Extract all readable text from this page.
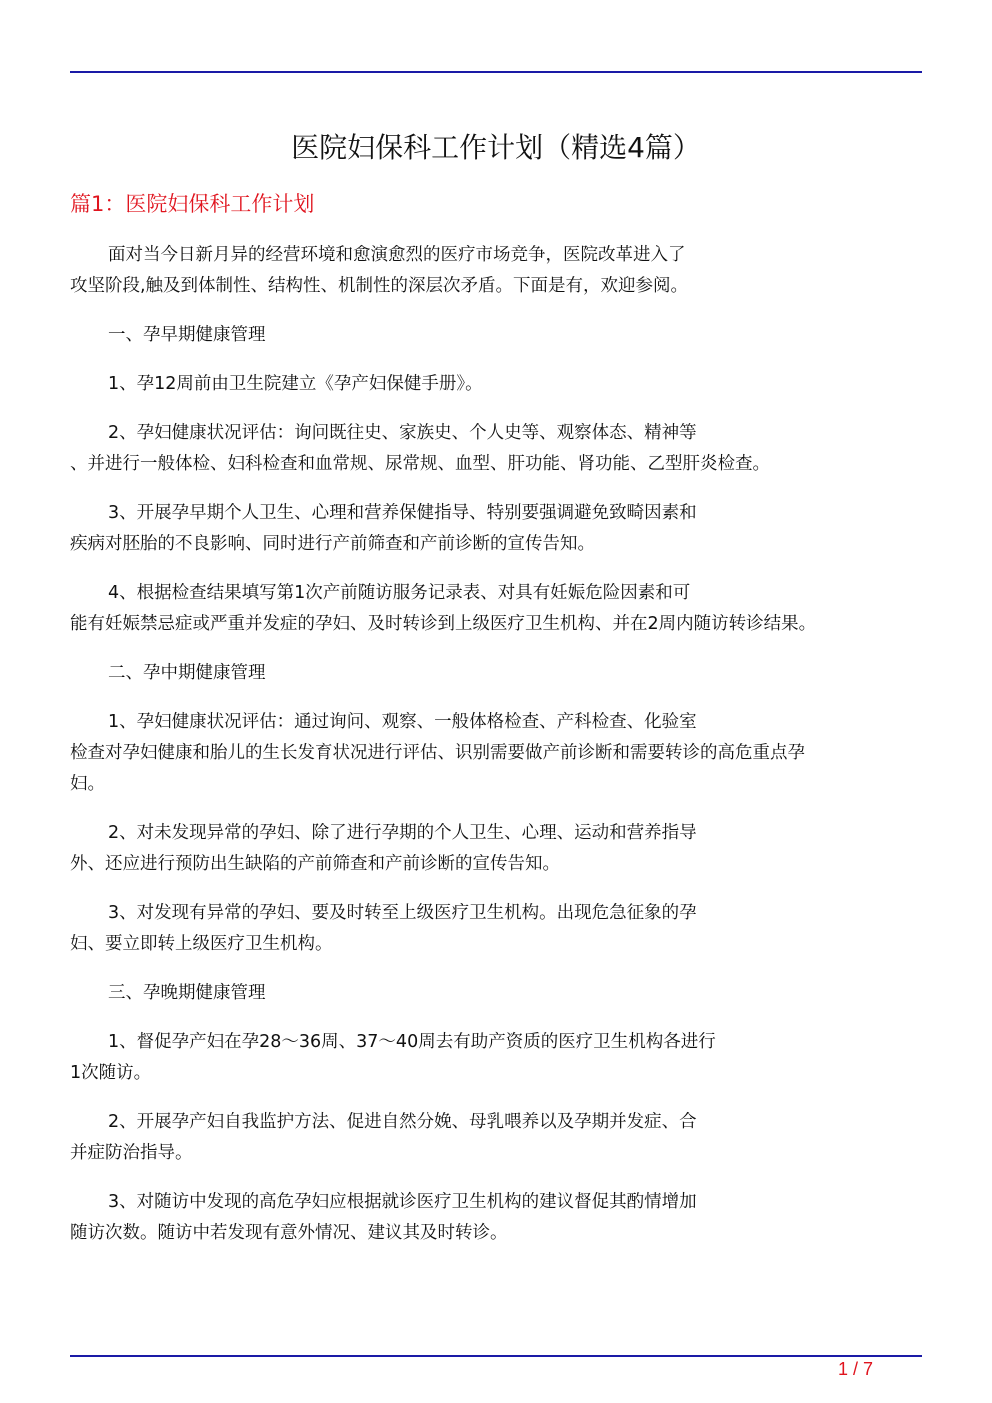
医院妇保科工作计划（精选4篇）
篇1：医院妇保科工作计划
面对当今日新月异的经营环境和愈演愈烈的医疗市场竞争，医院改革进入了
攻坚阶段,触及到体制性、结构性、机制性的深层次矛盾。下面是有，欢迎参阅。
一、孕早期健康管理
1、孕12周前由卫生院建立《孕产妇保健手册》。
2、孕妇健康状况评估：询问既往史、家族史、个人史等、观察体态、精神等
、并进行一般体检、妇科检查和血常规、尿常规、血型、肝功能、肾功能、乙型肝炎检查。
3、开展孕早期个人卫生、心理和营养保健指导、特别要强调避免致畸因素和
疾病对胚胎的不良影响、同时进行产前筛查和产前诊断的宣传告知。
4、根据检查结果填写第1次产前随访服务记录表、对具有妊娠危险因素和可
能有妊娠禁忌症或严重并发症的孕妇、及时转诊到上级医疗卫生机构、并在2周内随访转诊结果。
二、孕中期健康管理
1、孕妇健康状况评估：通过询问、观察、一般体格检查、产科检查、化验室
检查对孕妇健康和胎儿的生长发育状况进行评估、识别需要做产前诊断和需要转诊的高危重点孕
妇。
2、对未发现异常的孕妇、除了进行孕期的个人卫生、心理、运动和营养指导
外、还应进行预防出生缺陷的产前筛查和产前诊断的宣传告知。
3、对发现有异常的孕妇、要及时转至上级医疗卫生机构。出现危急征象的孕
妇、要立即转上级医疗卫生机构。
三、孕晚期健康管理
1、督促孕产妇在孕28～36周、37～40周去有助产资质的医疗卫生机构各进行
1次随访。
2、开展孕产妇自我监护方法、促进自然分娩、母乳喂养以及孕期并发症、合
并症防治指导。
3、对随访中发现的高危孕妇应根据就诊医疗卫生机构的建议督促其酌情增加
随访次数。随访中若发现有意外情况、建议其及时转诊。
1 / 7
